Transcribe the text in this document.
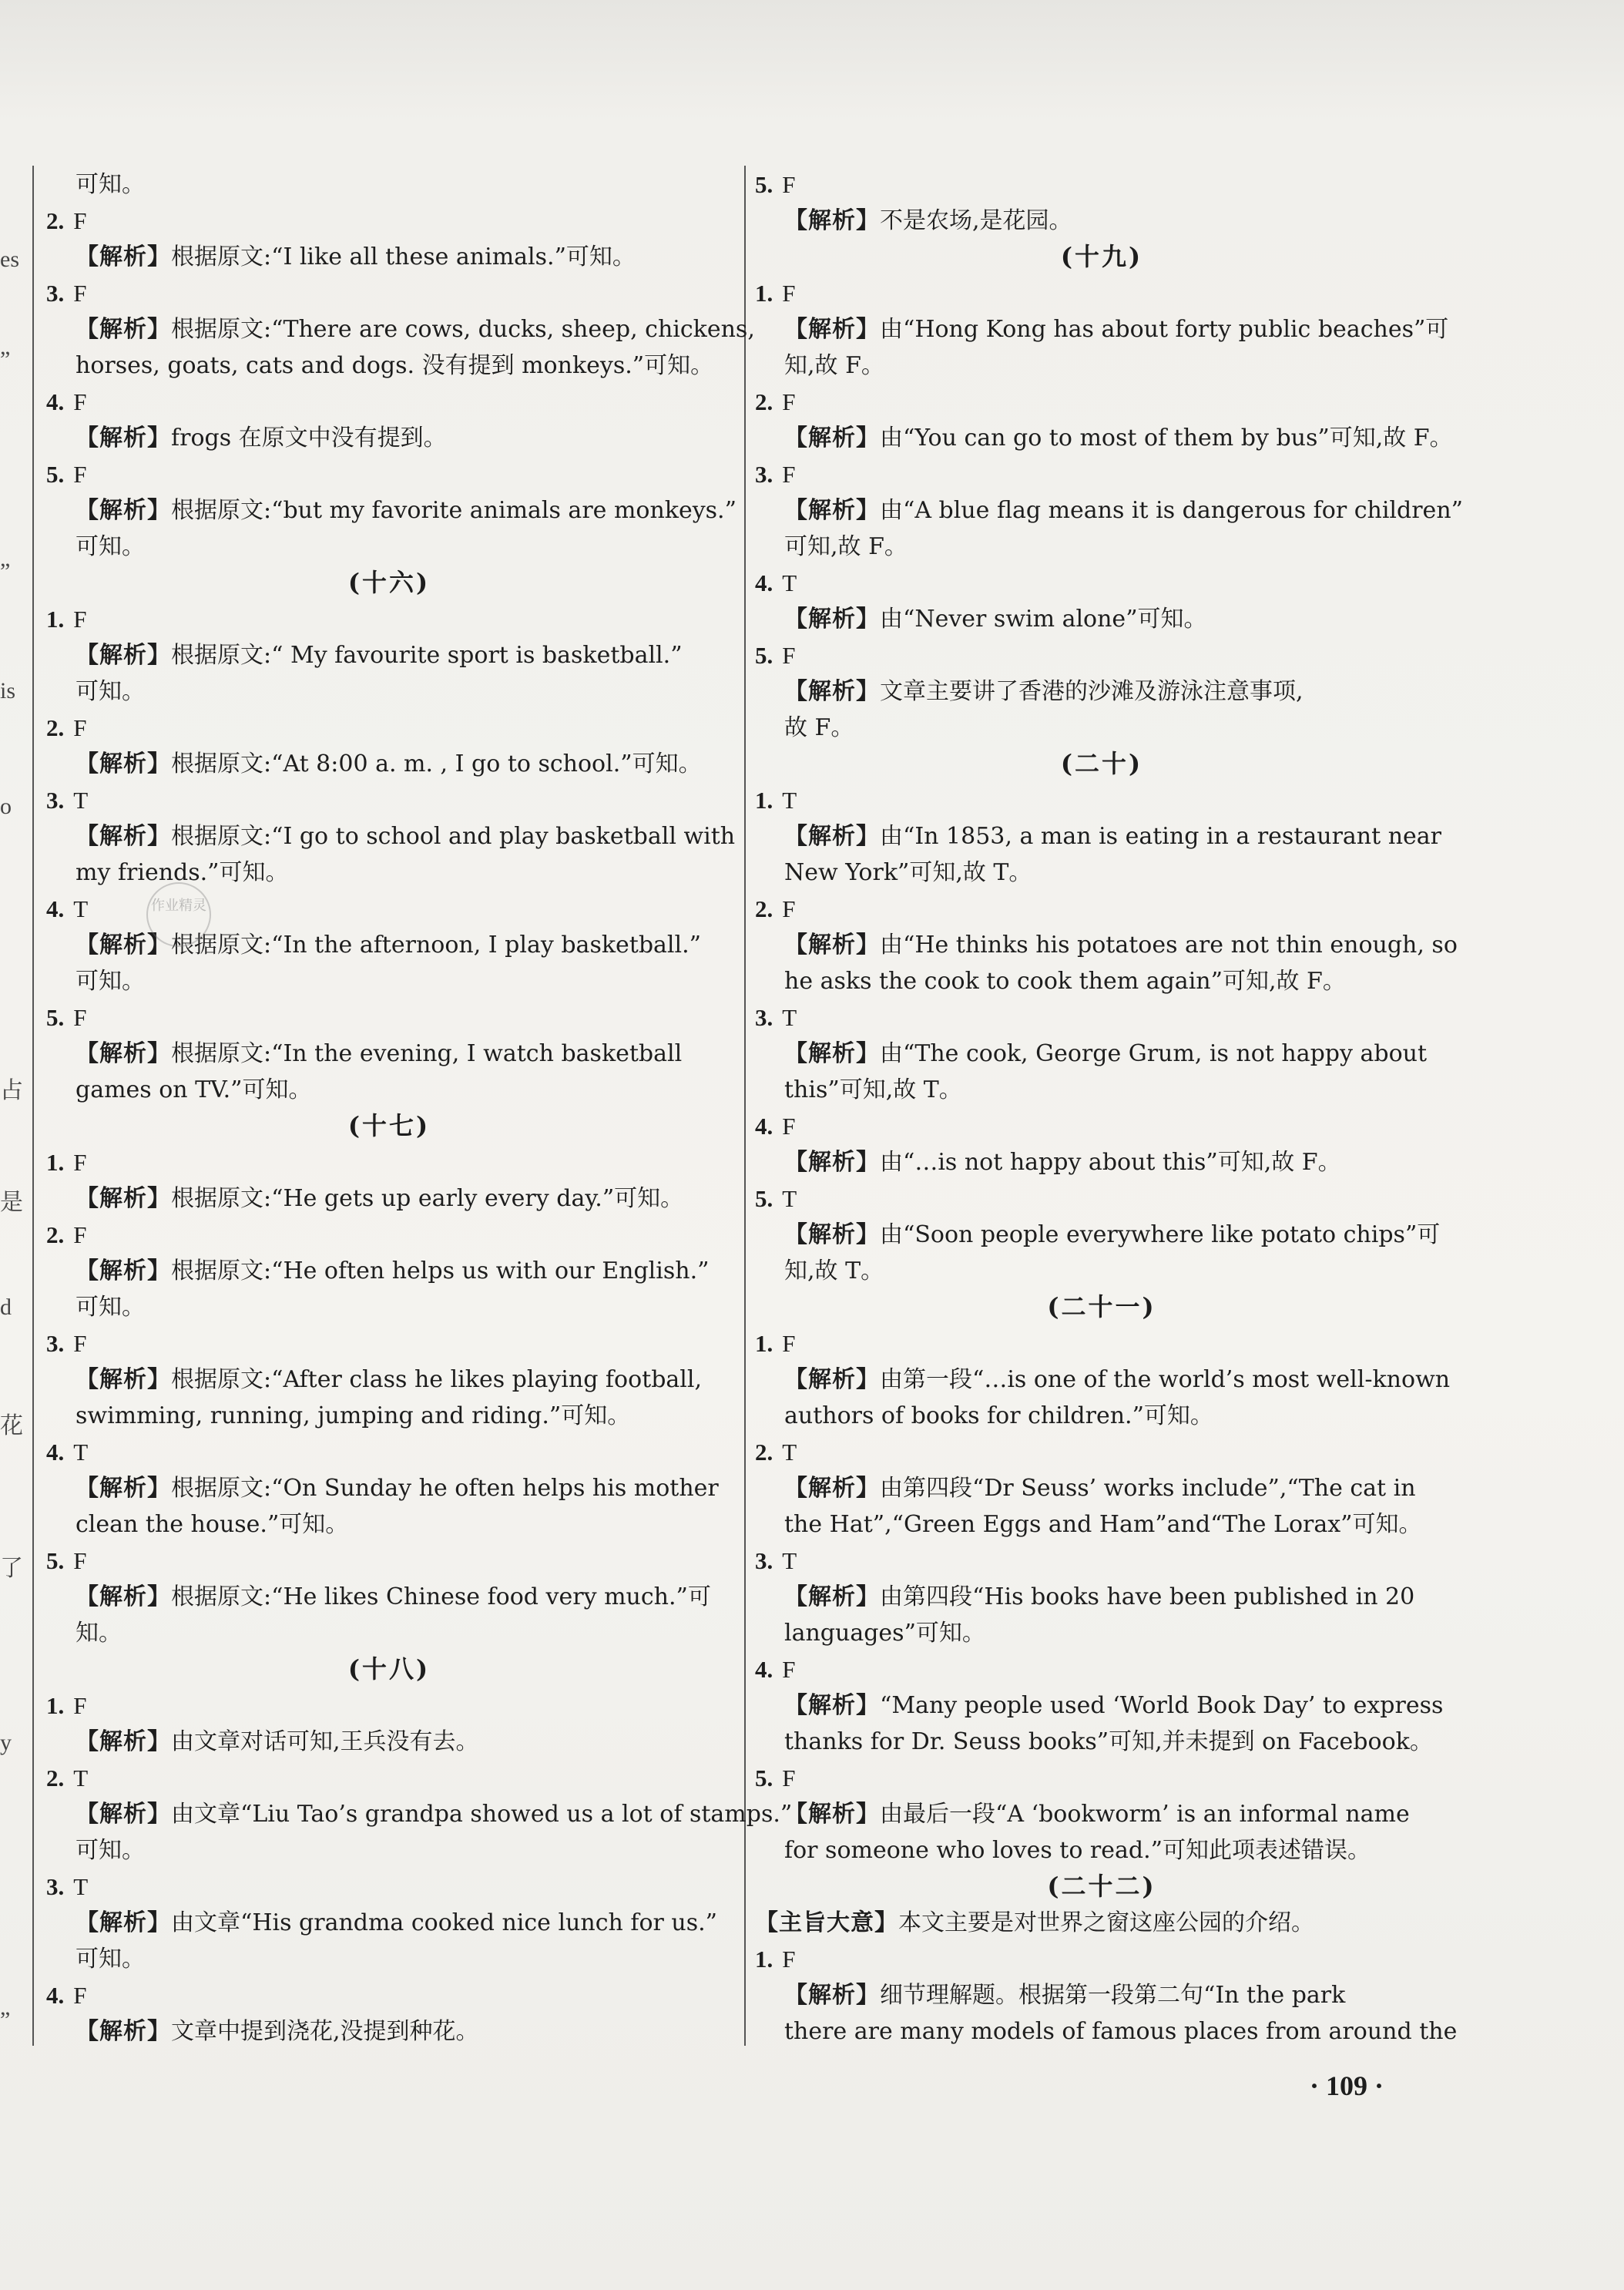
es
”
”
is
o
占
是
d
花
了
y
”
可知。
2. F
【解析】根据原文:“I like all these animals.”可知。
3. F
【解析】根据原文:“There are cows, ducks, sheep, chickens,
horses, goats, cats and dogs. 没有提到 monkeys.”可知。
4. F
【解析】frogs 在原文中没有提到。
5. F
【解析】根据原文:“but my favorite animals are monkeys.”
可知。
(十六)
1. F
【解析】根据原文:“ My favourite sport is basketball.”
可知。
2. F
【解析】根据原文:“At 8:00 a. m. , I go to school.”可知。
3. T
【解析】根据原文:“I go to school and play basketball with
my friends.”可知。
4. T
【解析】根据原文:“In the afternoon, I play basketball.”
可知。
5. F
【解析】根据原文:“In the evening, I watch basketball
games on TV.”可知。
(十七)
1. F
【解析】根据原文:“He gets up early every day.”可知。
2. F
【解析】根据原文:“He often helps us with our English.”
可知。
3. F
【解析】根据原文:“After class he likes playing football,
swimming, running, jumping and riding.”可知。
4. T
【解析】根据原文:“On Sunday he often helps his mother
clean the house.”可知。
5. F
【解析】根据原文:“He likes Chinese food very much.”可
知。
(十八)
1. F
【解析】由文章对话可知,王兵没有去。
2. T
【解析】由文章“Liu Tao’s grandpa showed us a lot of stamps.”
可知。
3. T
【解析】由文章“His grandma cooked nice lunch for us.”
可知。
4. F
【解析】文章中提到浇花,没提到种花。
5. F
【解析】不是农场,是花园。
(十九)
1. F
【解析】由“Hong Kong has about forty public beaches”可
知,故 F。
2. F
【解析】由“You can go to most of them by bus”可知,故 F。
3. F
【解析】由“A blue flag means it is dangerous for children”
可知,故 F。
4. T
【解析】由“Never swim alone”可知。
5. F
【解析】文章主要讲了香港的沙滩及游泳注意事项,
故 F。
(二十)
1. T
【解析】由“In 1853, a man is eating in a restaurant near
New York”可知,故 T。
2. F
【解析】由“He thinks his potatoes are not thin enough, so
he asks the cook to cook them again”可知,故 F。
3. T
【解析】由“The cook, George Grum, is not happy about
this”可知,故 T。
4. F
【解析】由“…is not happy about this”可知,故 F。
5. T
【解析】由“Soon people everywhere like potato chips”可
知,故 T。
(二十一)
1. F
【解析】由第一段“…is one of the world’s most well-known
authors of books for children.”可知。
2. T
【解析】由第四段“Dr Seuss’ works include”,“The cat in
the Hat”,“Green Eggs and Ham”and“The Lorax”可知。
3. T
【解析】由第四段“His books have been published in 20
languages”可知。
4. F
【解析】“Many people used ‘World Book Day’ to express
thanks for Dr. Seuss books”可知,并未提到 on Facebook。
5. F
【解析】由最后一段“A ‘bookworm’ is an informal name
for someone who loves to read.”可知此项表述错误。
(二十二)
【主旨大意】本文主要是对世界之窗这座公园的介绍。
1. F
【解析】细节理解题。根据第一段第二句“In the park
there are many models of famous places from around the
作业精灵
· 109 ·
